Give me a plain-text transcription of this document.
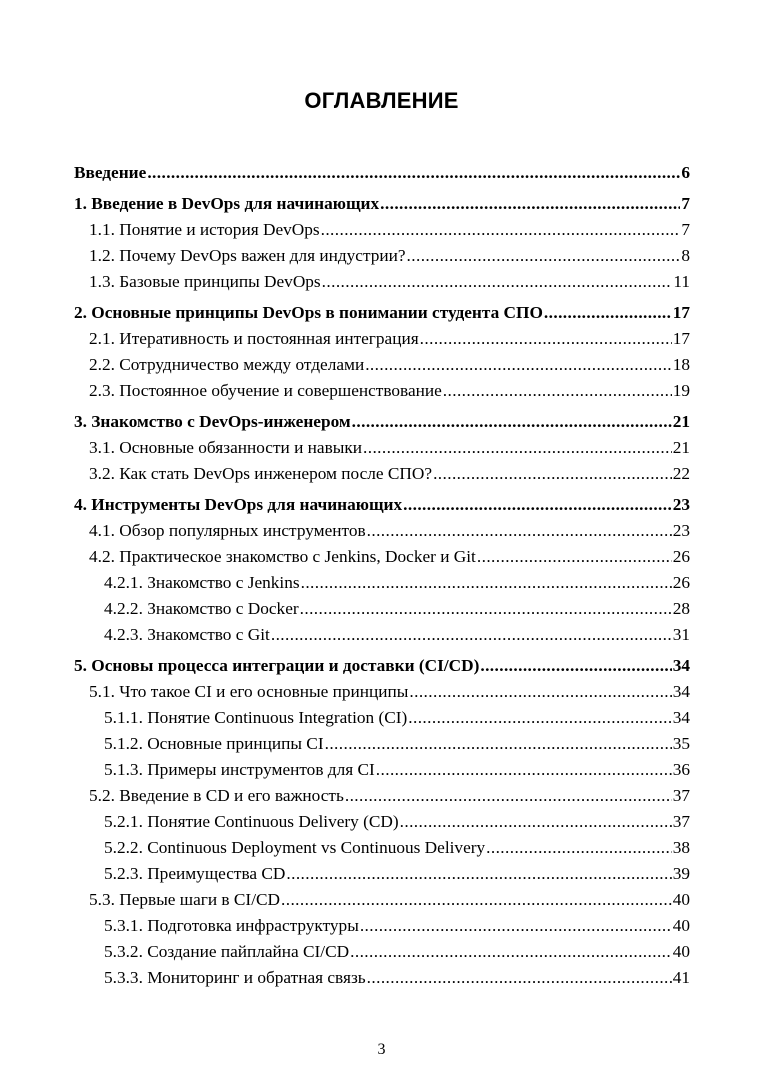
ОГЛАВЛЕНИЕ
Введение .....	6
1. Введение в DevOps для начинающих .....	7
1.1. Понятие и история DevOps .....	7
1.2. Почему DevOps важен для индустрии? .....	8
1.3. Базовые принципы DevOps .....	11
2. Основные принципы DevOps в понимании студента СПО .....	17
2.1. Итеративность и постоянная интеграция .....	17
2.2. Сотрудничество между отделами .....	18
2.3. Постоянное обучение и совершенствование .....	19
3. Знакомство с DevOps-инженером .....	21
3.1. Основные обязанности и навыки .....	21
3.2. Как стать DevOps инженером после СПО? .....	22
4. Инструменты DevOps для начинающих .....	23
4.1. Обзор популярных инструментов .....	23
4.2. Практическое знакомство с Jenkins, Docker и Git .....	26
4.2.1. Знакомство с Jenkins .....	26
4.2.2. Знакомство с Docker .....	28
4.2.3. Знакомство с Git .....	31
5. Основы процесса интеграции и доставки (CI/CD) .....	34
5.1. Что такое CI и его основные принципы .....	34
5.1.1. Понятие Continuous Integration (CI) .....	34
5.1.2. Основные принципы CI .....	35
5.1.3. Примеры инструментов для CI .....	36
5.2. Введение в CD и его важность .....	37
5.2.1. Понятие Continuous Delivery (CD) .....	37
5.2.2. Continuous Deployment vs Continuous Delivery .....	38
5.2.3. Преимущества CD .....	39
5.3. Первые шаги в CI/CD .....	40
5.3.1. Подготовка инфраструктуры .....	40
5.3.2. Создание пайплайна CI/CD .....	40
5.3.3. Мониторинг и обратная связь .....	41
3
